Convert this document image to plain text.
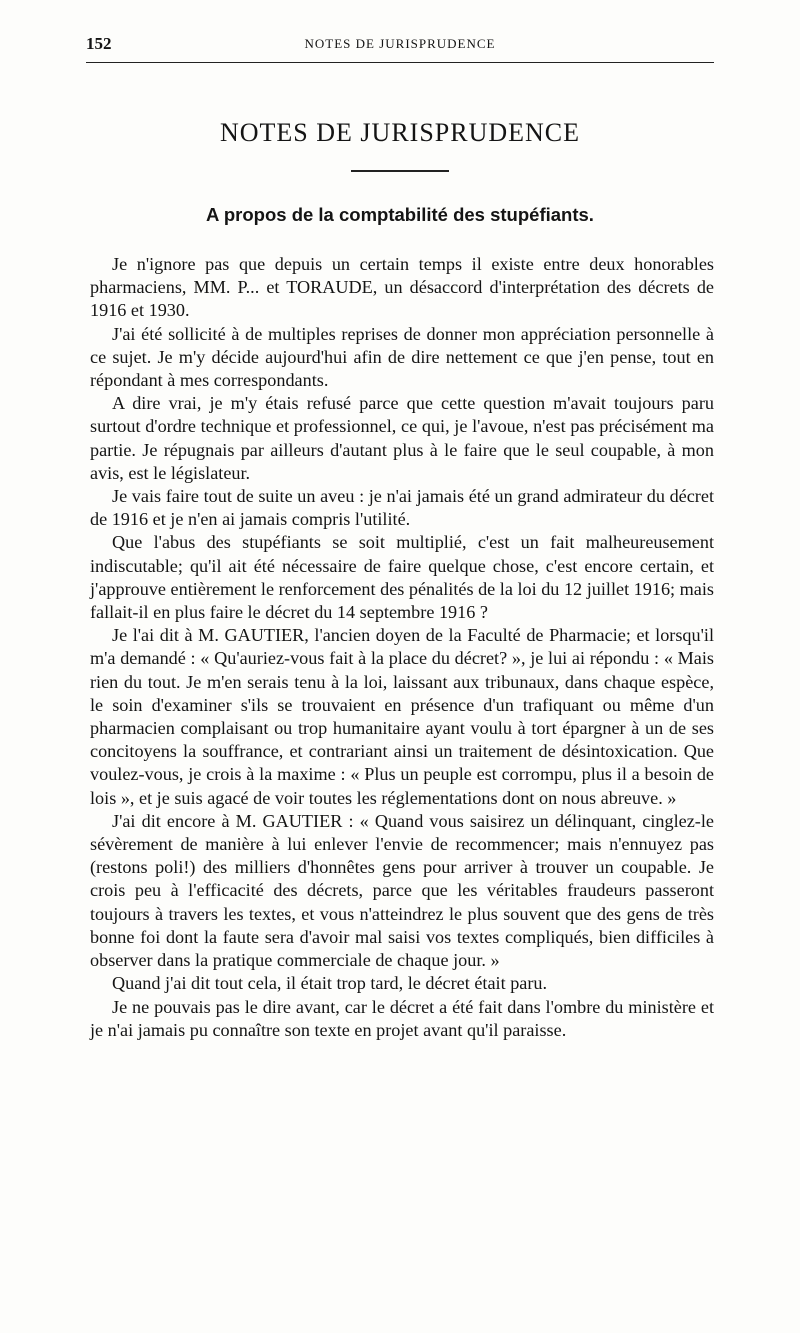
152	NOTES DE JURISPRUDENCE
NOTES DE JURISPRUDENCE
A propos de la comptabilité des stupéfiants.

Je n'ignore pas que depuis un certain temps il existe entre deux honorables pharmaciens, MM. P... et TORAUDE, un désaccord d'interprétation des décrets de 1916 et 1930.

J'ai été sollicité à de multiples reprises de donner mon appréciation personnelle à ce sujet. Je m'y décide aujourd'hui afin de dire nettement ce que j'en pense, tout en répondant à mes correspondants.

A dire vrai, je m'y étais refusé parce que cette question m'avait toujours paru surtout d'ordre technique et professionnel, ce qui, je l'avoue, n'est pas précisément ma partie. Je répugnais par ailleurs d'autant plus à le faire que le seul coupable, à mon avis, est le législateur.

Je vais faire tout de suite un aveu : je n'ai jamais été un grand admirateur du décret de 1916 et je n'en ai jamais compris l'utilité.

Que l'abus des stupéfiants se soit multiplié, c'est un fait malheureusement indiscutable; qu'il ait été nécessaire de faire quelque chose, c'est encore certain, et j'approuve entièrement le renforcement des pénalités de la loi du 12 juillet 1916; mais fallait-il en plus faire le décret du 14 septembre 1916 ?

Je l'ai dit à M. GAUTIER, l'ancien doyen de la Faculté de Pharmacie; et lorsqu'il m'a demandé : « Qu'auriez-vous fait à la place du décret? », je lui ai répondu : « Mais rien du tout. Je m'en serais tenu à la loi, laissant aux tribunaux, dans chaque espèce, le soin d'examiner s'ils se trouvaient en présence d'un trafiquant ou même d'un pharmacien complaisant ou trop humanitaire ayant voulu à tort épargner à un de ses concitoyens la souffrance, et contrariant ainsi un traitement de désintoxication. Que voulez-vous, je crois à la maxime : « Plus un peuple est corrompu, plus il a besoin de lois », et je suis agacé de voir toutes les réglementations dont on nous abreuve. »

J'ai dit encore à M. GAUTIER : « Quand vous saisirez un délinquant, cinglez-le sévèrement de manière à lui enlever l'envie de recommencer; mais n'ennuyez pas (restons poli!) des milliers d'honnêtes gens pour arriver à trouver un coupable. Je crois peu à l'efficacité des décrets, parce que les véritables fraudeurs passeront toujours à travers les textes, et vous n'atteindrez le plus souvent que des gens de très bonne foi dont la faute sera d'avoir mal saisi vos textes compliqués, bien difficiles à observer dans la pratique commerciale de chaque jour. »

Quand j'ai dit tout cela, il était trop tard, le décret était paru.

Je ne pouvais pas le dire avant, car le décret a été fait dans l'ombre du ministère et je n'ai jamais pu connaître son texte en projet avant qu'il paraisse.
